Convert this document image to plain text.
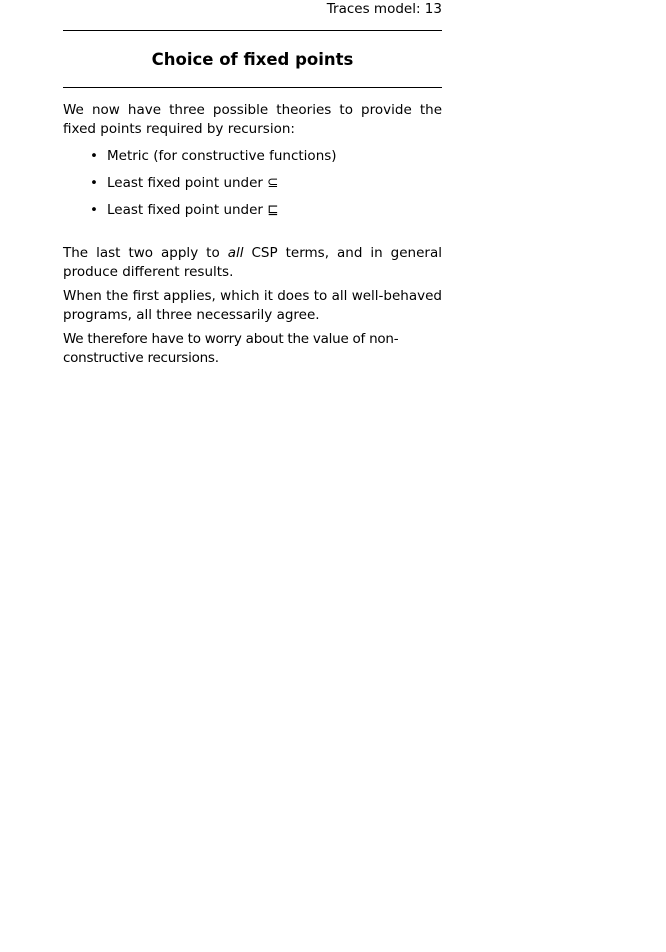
Traces model: 13
Choice of fixed points

We now have three possible theories to provide the fixed points required by recursion:

• Metric (for constructive functions)
• Least fixed point under ⊆
• Least fixed point under ⊑

The last two apply to all CSP terms, and in general produce different results.

When the first applies, which it does to all well-behaved programs, all three necessarily agree.

We therefore have to worry about the value of non-constructive recursions.
